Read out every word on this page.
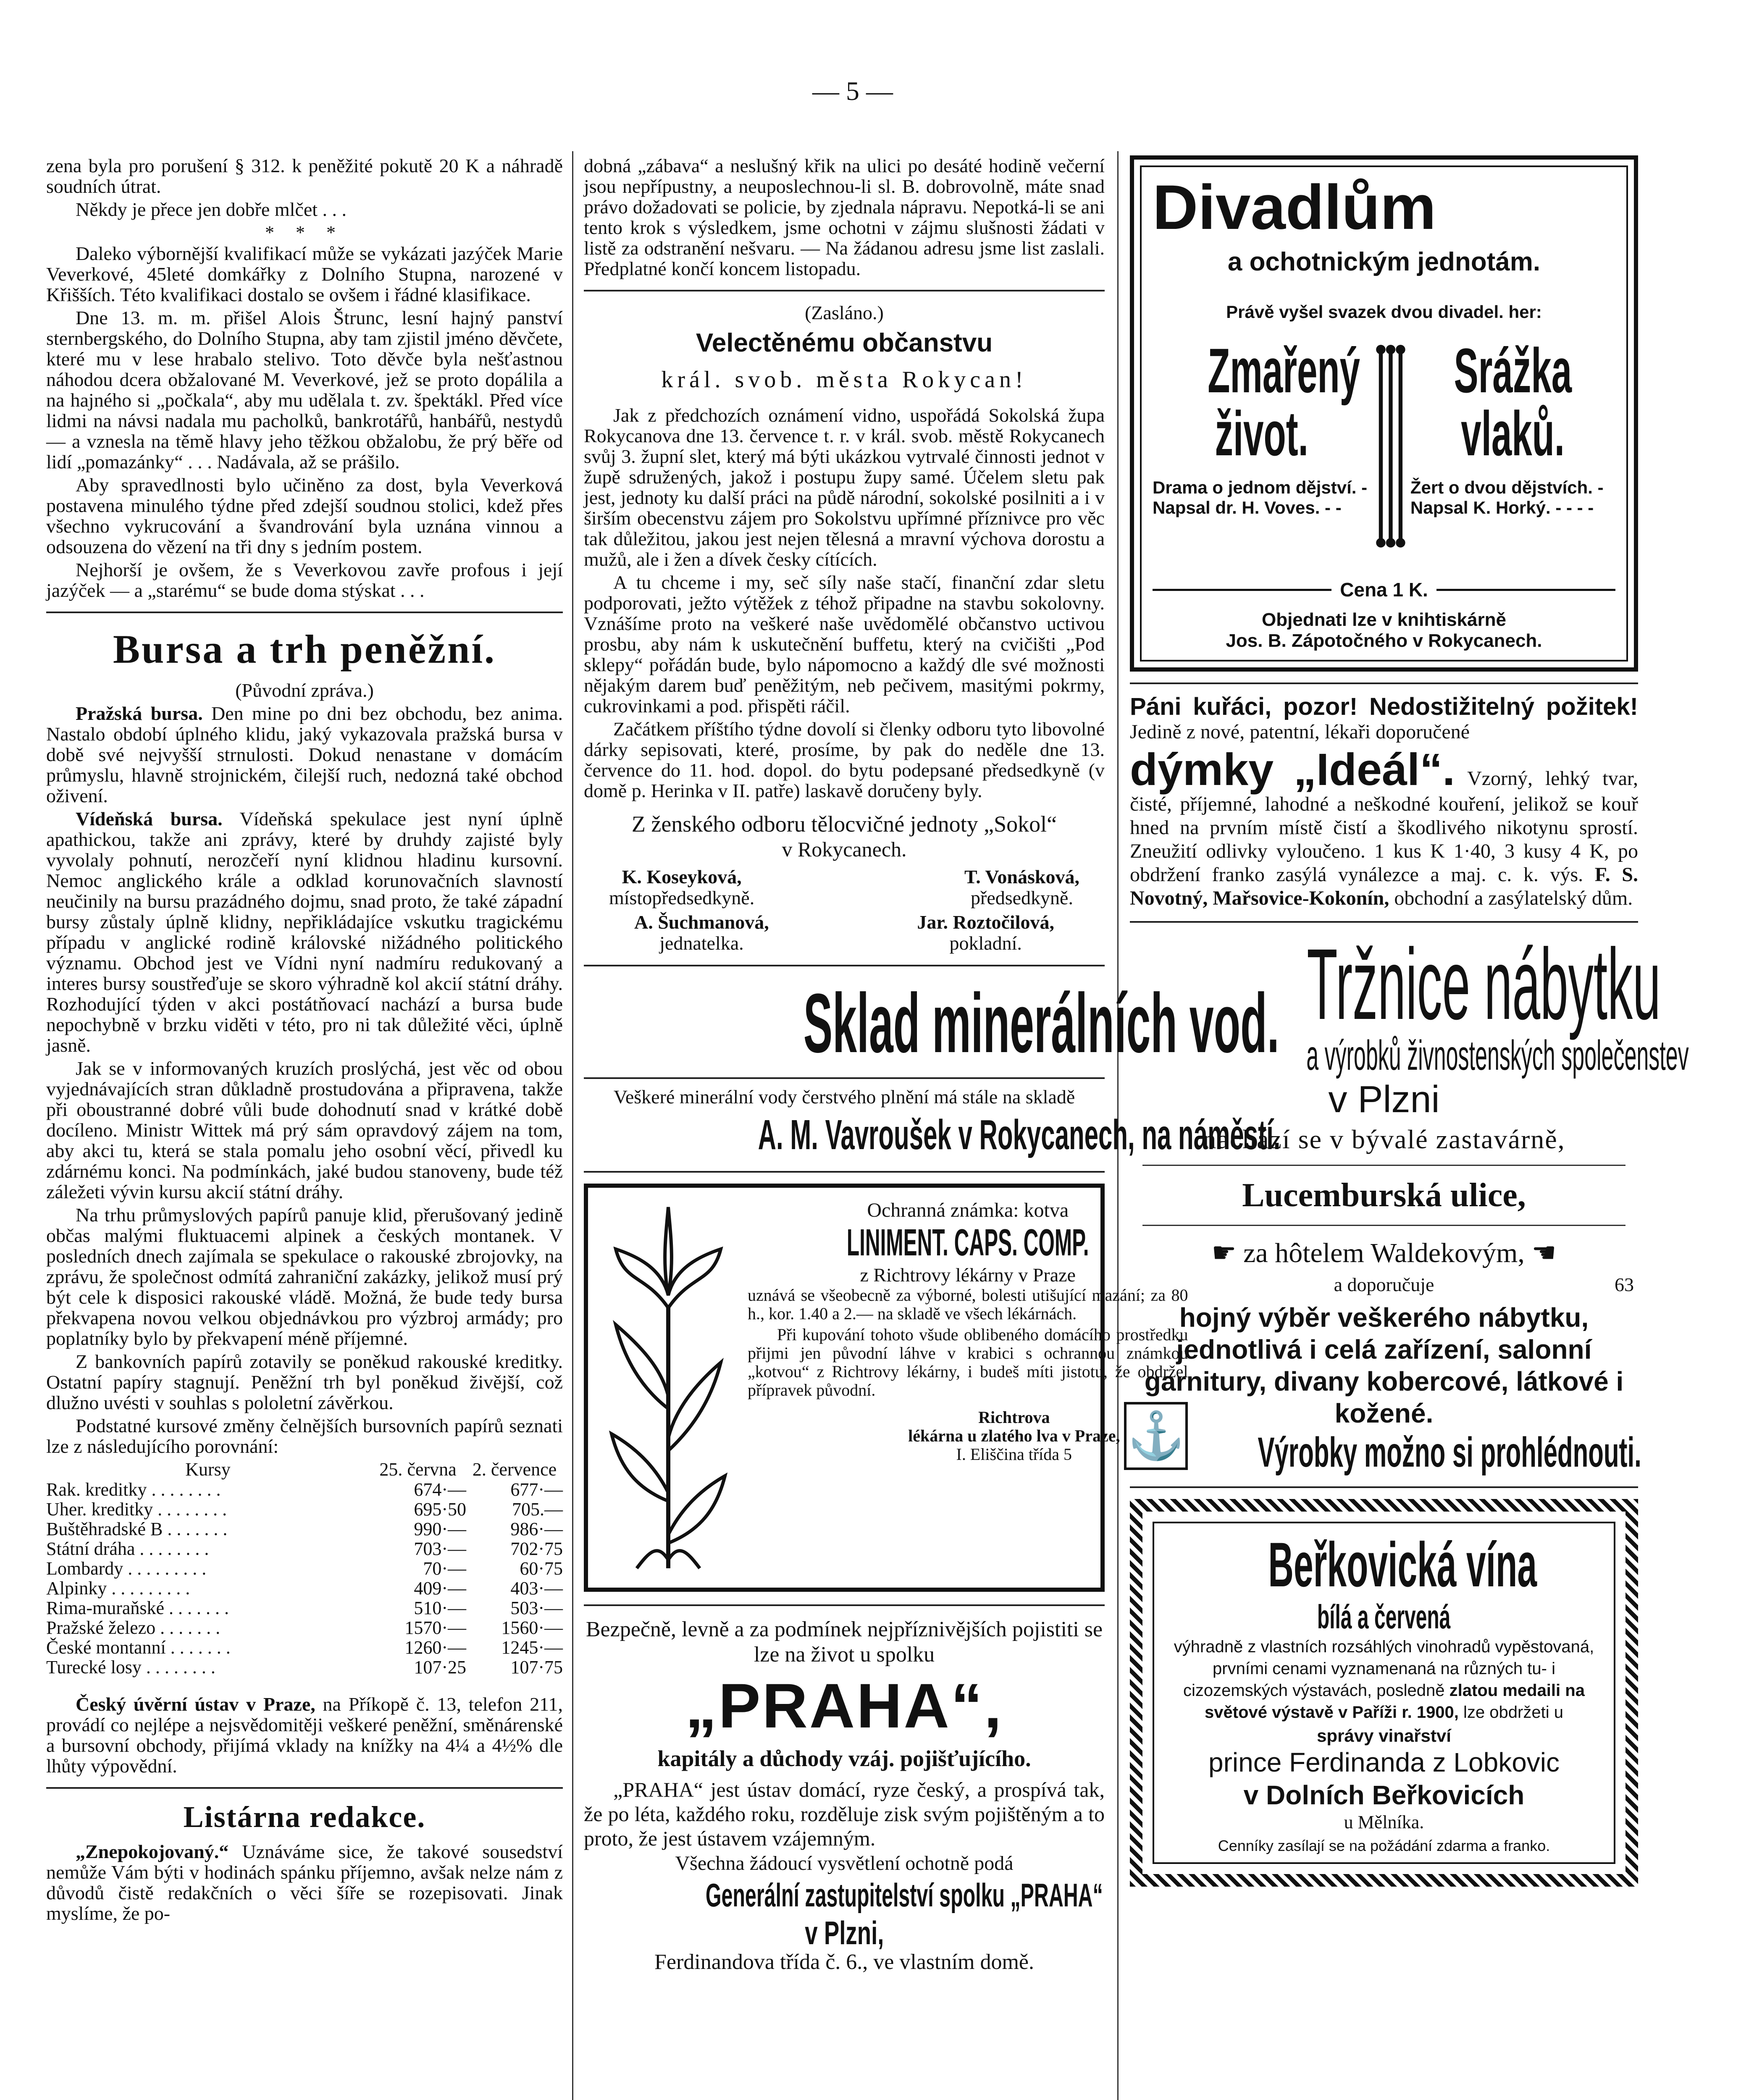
— 5 —

zena byla pro porušení § 312. k peněžité pokutě 20 K a náhradě soudních útrat.

Někdy je přece jen dobře mlčet . . .

* * *

Daleko výbornější kvalifikací může se vykázati jazýček Marie Veverkové, 45leté domkářky z Dolního Stupna, narozené v Křišších. Této kvalifikaci dostalo se ovšem i řádné klasifikace.

Dne 13. m. m. přišel Alois Štrunc, lesní hajný panství sternbergského, do Dolního Stupna, aby tam zjistil jméno děvčete, které mu v lese hrabalo stelivo. Toto děvče byla nešťastnou náhodou dcera obžalované M. Veverkové, jež se proto dopálila a na hajného si „počkala“, aby mu udělala t. zv. špektákl. Před více lidmi na návsi nadala mu pacholků, bankrotářů, hanbářů, nestydů — a vznesla na těmě hlavy jeho těžkou obžalobu, že prý běře od lidí „pomazánky“ . . . Nadávala, až se prášilo.

Aby spravedlnosti bylo učiněno za dost, byla Veverková postavena minulého týdne před zdejší soudnou stolici, kdež přes všechno vykrucování a švandrování byla uznána vinnou a odsouzena do vězení na tři dny s jedním postem.

Nejhorší je ovšem, že s Veverkovou zavře profous i její jazýček — a „starému“ se bude doma stýskat . . .

Bursa a trh peněžní.

(Původní zpráva.)

Pražská bursa. Den mine po dni bez obchodu, bez anima. Nastalo období úplného klidu, jaký vykazovala pražská bursa v době své nejvyšší strnulosti. Dokud nenastane v domácím průmyslu, hlavně strojnickém, čilejší ruch, nedozná také obchod oživení.

Vídeňská bursa. Vídeňská spekulace jest nyní úplně apathickou, takže ani zprávy, které by druhdy zajisté byly vyvolaly pohnutí, nerozčeří nyní klidnou hladinu kursovní. Nemoc anglického krále a odklad korunovačních slavností neučinily na bursu prazádného dojmu, snad proto, že také západní bursy zůstaly úplně klidny, nepřikládajíce vskutku tragickému případu v anglické rodině královské nižádného politického významu. Obchod jest ve Vídni nyní nadmíru redukovaný a interes bursy soustřeďuje se skoro výhradně kol akcií státní dráhy. Rozhodující týden v akci postátňovací nachází a bursa bude nepochybně v brzku viděti v této, pro ni tak důležité věci, úplně jasně.

Jak se v informovaných kruzích proslýchá, jest věc od obou vyjednávajících stran důkladně prostudována a připravena, takže při oboustranné dobré vůli bude dohodnutí snad v krátké době docíleno. Ministr Wittek má prý sám opravdový zájem na tom, aby akci tu, která se stala pomalu jeho osobní věcí, přivedl ku zdárnému konci. Na podmínkách, jaké budou stanoveny, bude též záležeti vývin kursu akcií státní dráhy.

Na trhu průmyslových papírů panuje klid, přerušovaný jedině občas malými fluktuacemi alpinek a českých montanek. V posledních dnech zajímala se spekulace o rakouské zbrojovky, na zprávu, že společnost odmítá zahraniční zakázky, jelikož musí prý být cele k disposici rakouské vládě. Možná, že bude tedy bursa překvapena novou velkou objednávkou pro výzbroj armády; pro poplatníky bylo by překvapení méně příjemné.

Z bankovních papírů zotavily se poněkud rakouské kreditky. Ostatní papíry stagnují. Peněžní trh byl poněkud živější, což dlužno uvésti v souhlas s pololetní závěrkou.

Podstatné kursové změny čelnějších bursovních papírů seznati lze z následujícího porovnání:

Kursy	25. června	2. července
Rak. kreditky . . . . . . . .	674·—	677·—
Uher. kreditky . . . . . . . .	695·50	705.—
Buštěhradské B . . . . . . .	990·—	986·—
Státní dráha . . . . . . . .	703·—	702·75
Lombardy . . . . . . . . .	70·—	60·75
Alpinky . . . . . . . . .	409·—	403·—
Rima-muraňské . . . . . . .	510·—	503·—
Pražské železo . . . . . . .	1570·—	1560·—
České montanní . . . . . . .	1260·—	1245·—
Turecké losy . . . . . . . .	107·25	107·75

Český úvěrní ústav v Praze, na Příkopě č. 13, telefon 211, provádí co nejlépe a nejsvědomitěji veškeré peněžní, směnárenské a bursovní obchody, přijímá vklady na knížky na 4¼ a 4½% dle lhůty výpovědní.

Listárna redakce.

„Znepokojovaný.“ Uznáváme sice, že takové sousedství nemůže Vám býti v hodinách spánku příjemno, avšak nelze nám z důvodů čistě redakčních o věci šíře se rozepisovati. Jinak myslíme, že po-

dobná „zábava“ a neslušný křik na ulici po desáté hodině večerní jsou nepřípustny, a neuposlechnou-li sl. B. dobrovolně, máte snad právo dožadovati se policie, by zjednala nápravu. Nepotká-li se ani tento krok s výsledkem, jsme ochotni v zájmu slušnosti žádati v listě za odstranění nešvaru. — Na žádanou adresu jsme list zaslali. Předplatné končí koncem listopadu.

(Zasláno.)

Velectěnému občanstvu
král. svob. města Rokycan!

Jak z předchozích oznámení vidno, uspořádá Sokolská župa Rokycanova dne 13. července t. r. v král. svob. městě Rokycanech svůj 3. župní slet, který má býti ukázkou vytrvalé činnosti jednot v župě sdružených, jakož i postupu župy samé. Účelem sletu pak jest, jednoty ku další práci na půdě národní, sokolské posilniti a i v širším obecenstvu zájem pro Sokolstvu upřímné příznivce pro věc tak důležitou, jakou jest nejen tělesná a mravní výchova dorostu a mužů, ale i žen a dívek česky cítících.

A tu chceme i my, seč síly naše stačí, finanční zdar sletu podporovati, ježto výtěžek z téhož připadne na stavbu sokolovny. Vznášíme proto na veškeré naše uvědomělé občanstvo uctivou prosbu, aby nám k uskutečnění buffetu, který na cvičišti „Pod sklepy“ pořádán bude, bylo nápomocno a každý dle své možnosti nějakým darem buď peněžitým, neb pečivem, masitými pokrmy, cukrovinkami a pod. přispěti ráčil.

Začátkem příštího týdne dovolí si členky odboru tyto libovolné dárky sepisovati, které, prosíme, by pak do neděle dne 13. července do 11. hod. dopol. do bytu podepsané předsedkyně (v domě p. Herinka v II. patře) laskavě doručeny byly.

Z ženského odboru tělocvičné jednoty „Sokol“
v Rokycanech.
K. Koseyková,
místopředsedkyně.
T. Vonásková,
předsedkyně.
A. Šuchmanová,
jednatelka.
Jar. Roztočilová,
pokladní.
Sklad minerálních vod.

Veškeré minerální vody čerstvého plnění má stále na skladě

A. M. Vavroušek v Rokycanech, na náměstí.
Ochranná známka: kotva
LINIMENT. CAPS. COMP.
z Richtrovy lékárny v Praze

uznává se všeobecně za výborné, bolesti utišující mazání; za 80 h., kor. 1.40 a 2.— na skladě ve všech lékárnách.

Při kupování tohoto všude oblibeného domácího prostředku přijmi jen původní láhve v krabici s ochrannou známkou „kotvou“ z Richtrovy lékárny, i budeš míti jistotu, že obdržel přípravek původní.

Richtrova
lékárna u zlatého lva v Praze,
I. Eliščina třída 5	⚓

Bezpečně, levně a za podmínek nejpříznivějších pojistiti se lze na život u spolku

„PRAHA“,
kapitály a důchody vzáj. pojišťujícího.

„PRAHA“ jest ústav domácí, ryze český, a prospívá tak, že po léta, každého roku, rozděluje zisk svým pojištěným a to proto, že jest ústavem vzájemným.

Všechna žádoucí vysvětlení ochotně podá

Generální zastupitelství spolku „PRAHA“
v Plzni,

Ferdinandova třída č. 6., ve vlastním domě.

Divadlům
a ochotnickým jednotám.
Právě vyšel svazek dvou divadel. her:
Zmařený
život.
Drama o jednom dějství. - Napsal dr. H. Voves. - -
Srážka
vlaků.
Žert o dvou dějstvích. - Napsal K. Horký. - - - -
Cena 1 K.
Objednati lze v knihtiskárně
Jos. B. Zápotočného v Rokycanech.

Páni kuřáci, pozor! Nedostižitelný požitek! Jedině z nové, patentní, lékaři doporučené

dýmky „Ideál“. Vzorný, lehký tvar, čisté, příjemné, lahodné a neškodné kouření, jelikož se kouř hned na prvním místě čistí a škodlivého nikotynu sprostí. Zneužití odlivky vyloučeno. 1 kus K 1·40, 3 kusy 4 K, po obdržení franko zasýlá vynálezce a maj. c. k. výs. F. S. Novotný, Mařsovice-Kokonín, obchodní a zasýlatelský dům.

Tržnice nábytku
a výrobků živnostenských společenstev
v Plzni
nachází se v bývalé zastavárně,
Lucemburská ulice,
☛ za hôtelem Waldekovým, ☚
a doporučuje	63
hojný výběr veškerého nábytku, jednotlivá i celá zařízení, salonní garnitury, divany kobercové, látkové i kožené.
Výrobky možno si prohlédnouti.
Beřkovická vína
bílá a červená

výhradně z vlastních rozsáhlých vinohradů vypěstovaná, prvními cenami vyznamenaná na různých tu- i cizozemských výstavách, posledně zlatou medaili na světové výstavě v Paříži r. 1900, lze obdržeti u

správy vinařství
prince Ferdinanda z Lobkovic
v Dolních Beřkovicích
u Mělníka.
Cenníky zasílají se na požádání zdarma a franko.
